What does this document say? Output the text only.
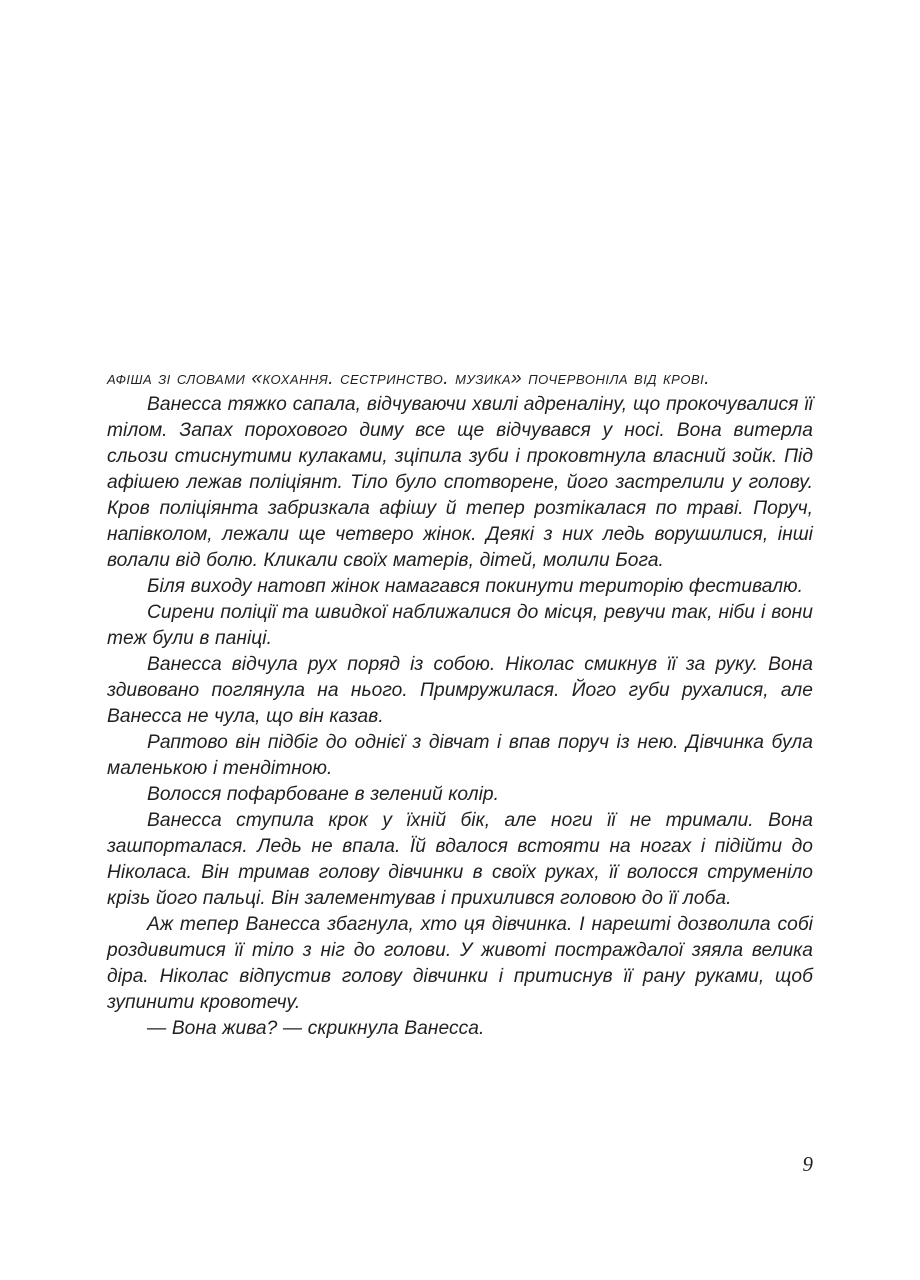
афіша зі словами «кохання. сестринство. музика» почервоніла від крові.

Ванесса тяжко сапала, відчуваючи хвилі адреналіну, що прокочувалися її тілом. Запах порохового диму все ще відчувався у носі. Вона витерла сльози стиснутими кулаками, зціпила зуби і проковтнула власний зойк. Під афішею лежав поліціянт. Тіло було спотворене, його застрелили у голову. Кров поліціянта забризкала афішу й тепер розтікалася по траві. Поруч, напівколом, лежали ще четверо жінок. Деякі з них ледь ворушилися, інші волали від болю. Кликали своїх матерів, дітей, молили Бога.

Біля виходу натовп жінок намагався покинути територію фестивалю.

Сирени поліції та швидкої наближалися до місця, ревучи так, ніби і вони теж були в паніці.

Ванесса відчула рух поряд із собою. Ніколас смикнув її за руку. Вона здивовано поглянула на нього. Примружилася. Його губи рухалися, але Ванесса не чула, що він казав.

Раптово він підбіг до однієї з дівчат і впав поруч із нею. Дівчинка була маленькою і тендітною.

Волосся пофарбоване в зелений колір.

Ванесса ступила крок у їхній бік, але ноги її не тримали. Вона зашпорталася. Ледь не впала. Їй вдалося встояти на ногах і підійти до Ніколаса. Він тримав голову дівчинки в своїх руках, її волосся струменіло крізь його пальці. Він залементував і прихилився головою до її лоба.

Аж тепер Ванесса збагнула, хто ця дівчинка. І нарешті дозволила собі роздивитися її тіло з ніг до голови. У животі постраждалої зяяла велика діра. Ніколас відпустив голову дівчинки і притиснув її рану руками, щоб зупинити кровотечу.

— Вона жива? — скрикнула Ванесса.

9
